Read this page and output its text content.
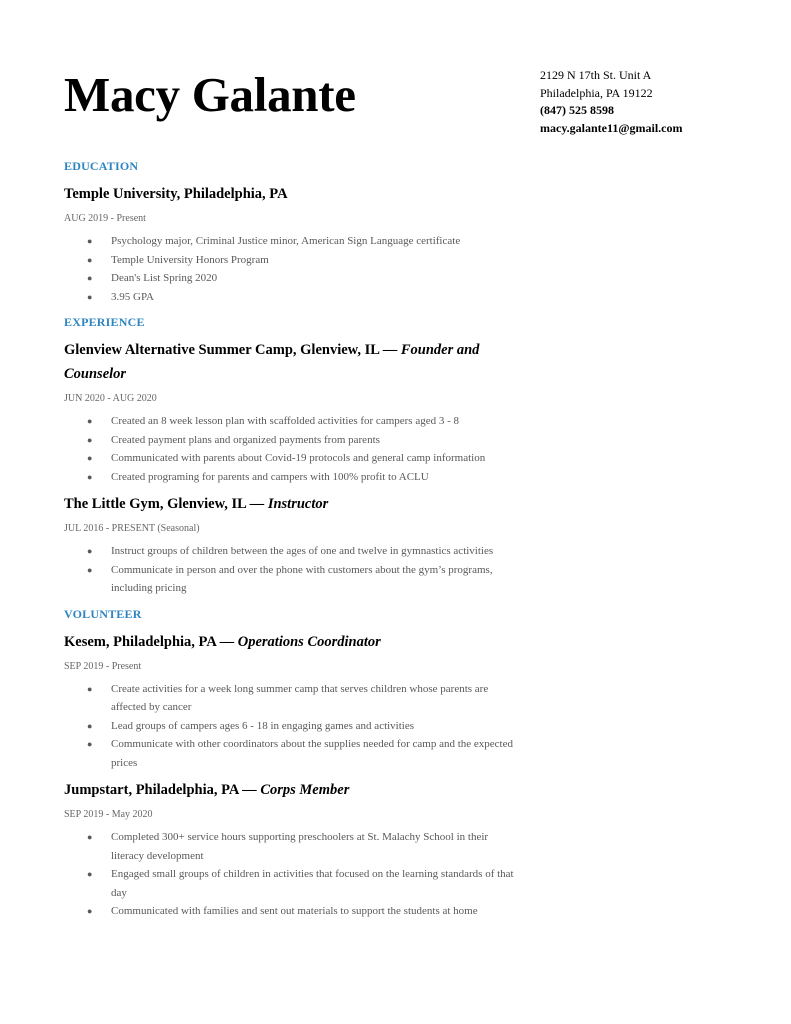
Macy Galante	2129 N 17th St. Unit A
Philadelphia, PA 19122
(847) 525 8598
macy.galante11@gmail.com
EDUCATION
Temple University, Philadelphia, PA
AUG 2019 - Present
● Psychology major, Criminal Justice minor, American Sign Language certificate
● Temple University Honors Program
● Dean's List Spring 2020
● 3.95 GPA
EXPERIENCE
Glenview Alternative Summer Camp, Glenview, IL — Founder and Counselor
JUN 2020 - AUG 2020
● Created an 8 week lesson plan with scaffolded activities for campers aged 3 - 8
● Created payment plans and organized payments from parents
● Communicated with parents about Covid-19 protocols and general camp information
● Created programing for parents and campers with 100% profit to ACLU
The Little Gym, Glenview, IL — Instructor
JUL 2016 - PRESENT (Seasonal)
● Instruct groups of children between the ages of one and twelve in gymnastics activities
● Communicate in person and over the phone with customers about the gym’s programs, including pricing
VOLUNTEER
Kesem, Philadelphia, PA — Operations Coordinator
SEP 2019 - Present
● Create activities for a week long summer camp that serves children whose parents are affected by cancer
● Lead groups of campers ages 6 - 18 in engaging games and activities
● Communicate with other coordinators about the supplies needed for camp and the expected prices
Jumpstart, Philadelphia, PA — Corps Member
SEP 2019 - May 2020
● Completed 300+ service hours supporting preschoolers at St. Malachy School in their literacy development
● Engaged small groups of children in activities that focused on the learning standards of that day
● Communicated with families and sent out materials to support the students at home
